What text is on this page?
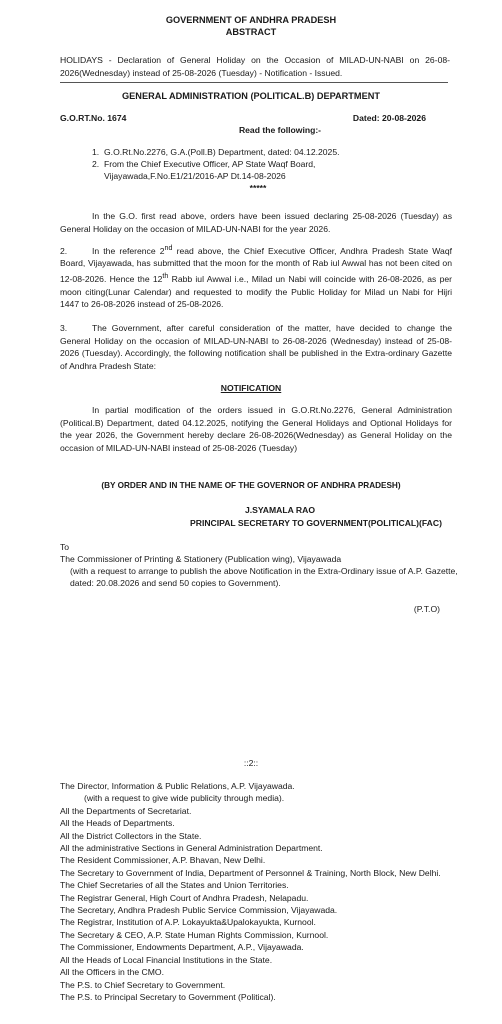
GOVERNMENT OF ANDHRA PRADESH
ABSTRACT
HOLIDAYS - Declaration of General Holiday on the Occasion of MILAD-UN-NABI on 26-08-2026(Wednesday) instead of 25-08-2026 (Tuesday) - Notification - Issued.
GENERAL ADMINISTRATION (POLITICAL.B) DEPARTMENT
G.O.RT.No. 1674	Dated: 20-08-2026
Read the following:-
1. G.O.Rt.No.2276, G.A.(Poll.B) Department, dated: 04.12.2025.
2. From the Chief Executive Officer, AP State Waqf Board, Vijayawada,F.No.E1/21/2016-AP Dt.14-08-2026
*****
In the G.O. first read above, orders have been issued declaring 25-08-2026 (Tuesday) as General Holiday on the occasion of MILAD-UN-NABI for the year 2026.
2.	In the reference 2nd read above, the Chief Executive Officer, Andhra Pradesh State Waqf Board, Vijayawada, has submitted that the moon for the month of Rab iul Awwal has not been cited on 12-08-2026. Hence the 12th Rabb iul Awwal i.e., Milad un Nabi will coincide with 26-08-2026, as per moon citing(Lunar Calendar) and requested to modify the Public Holiday for Milad un Nabi for Hijri 1447 to 26-08-2026 instead of 25-08-2026.
3.	The Government, after careful consideration of the matter, have decided to change the General Holiday on the occasion of MILAD-UN-NABI to 26-08-2026 (Wednesday) instead of 25-08-2026 (Tuesday). Accordingly, the following notification shall be published in the Extra-ordinary Gazette of Andhra Pradesh State:
NOTIFICATION
In partial modification of the orders issued in G.O.Rt.No.2276, General Administration (Political.B) Department, dated 04.12.2025, notifying the General Holidays and Optional Holidays for the year 2026, the Government hereby declare 26-08-2026(Wednesday) as General Holiday on the occasion of MILAD-UN-NABI instead of 25-08-2026 (Tuesday)
(BY ORDER AND IN THE NAME OF THE GOVERNOR OF ANDHRA PRADESH)
J.SYAMALA RAO
PRINCIPAL SECRETARY TO GOVERNMENT(POLITICAL)(FAC)
To
The Commissioner of Printing & Stationery (Publication wing), Vijayawada
(with a request to arrange to publish the above Notification in the Extra-Ordinary issue of A.P. Gazette, dated: 20.08.2026 and send 50 copies to Government).
(P.T.O)
::2::
The Director, Information & Public Relations, A.P. Vijayawada.
(with a request to give wide publicity through media).
All the Departments of Secretariat.
All the Heads of Departments.
All the District Collectors in the State.
All the administrative Sections in General Administration Department.
The Resident Commissioner, A.P. Bhavan, New Delhi.
The Secretary to Government of India, Department of Personnel & Training, North Block, New Delhi.
The Chief Secretaries of all the States and Union Territories.
The Registrar General, High Court of Andhra Pradesh, Nelapadu.
The Secretary, Andhra Pradesh Public Service Commission, Vijayawada.
The Registrar, Institution of A.P. Lokayukta&Upalokayukta, Kurnool.
The Secretary & CEO, A.P. State Human Rights Commission, Kurnool.
The Commissioner, Endowments Department, A.P., Vijayawada.
All the Heads of Local Financial Institutions in the State.
All the Officers in the CMO.
The P.S. to Chief Secretary to Government.
The P.S. to Principal Secretary to Government (Political).
